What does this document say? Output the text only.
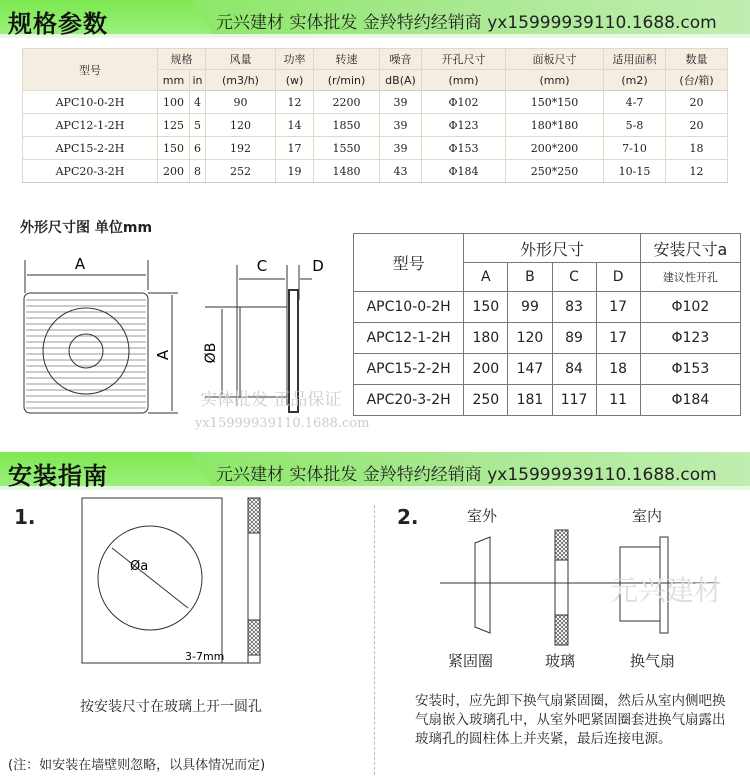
规格参数	元兴建材 实体批发 金羚特约经销商 yx15999939110.1688.com
型号	规格		风量	功率	转速	噪音	开孔尺寸	面板尺寸	适用面积	数量
	mm	in	(m3/h)	(w)	(r/min)	dB(A)	(mm)	(mm)	(m2)	(台/箱)
APC10-0-2H	100	4	90	12	2200	39	Φ102	150*150	4-7	20
APC12-1-2H	125	5	120	14	1850	39	Φ123	180*180	5-8	20
APC15-2-2H	150	6	192	17	1550	39	Φ153	200*200	7-10	18
APC20-3-2H	200	8	252	19	1480	43	Φ184	250*250	10-15	12
外形尺寸图 单位mm
A
A ØB
C	D
实体批发 正品保证
yx15999939110.1688.com
型号	外形尺寸				安装尺寸a
	A	B	C	D	建议性开孔
APC10-0-2H	150	99	83	17	Φ102
APC12-1-2H	180	120	89	17	Φ123
APC15-2-2H	200	147	84	18	Φ153
APC20-3-2H	250	181	117	11	Φ184
安装指南	元兴建材 实体批发 金羚特约经销商 yx15999939110.1688.com
1.
Øa
3-7mm
按安装尺寸在玻璃上开一圆孔
(注：如安装在墙壁则忽略，以具体情况而定)
2.	室外	室内
元兴建材
紧固圈	玻璃	换气扇
安装时，应先卸下换气扇紧固圈，然后从室内侧吧换气扇嵌入玻璃孔中，从室外吧紧固圈套进换气扇露出玻璃孔的圆柱体上并夹紧，最后连接电源。
